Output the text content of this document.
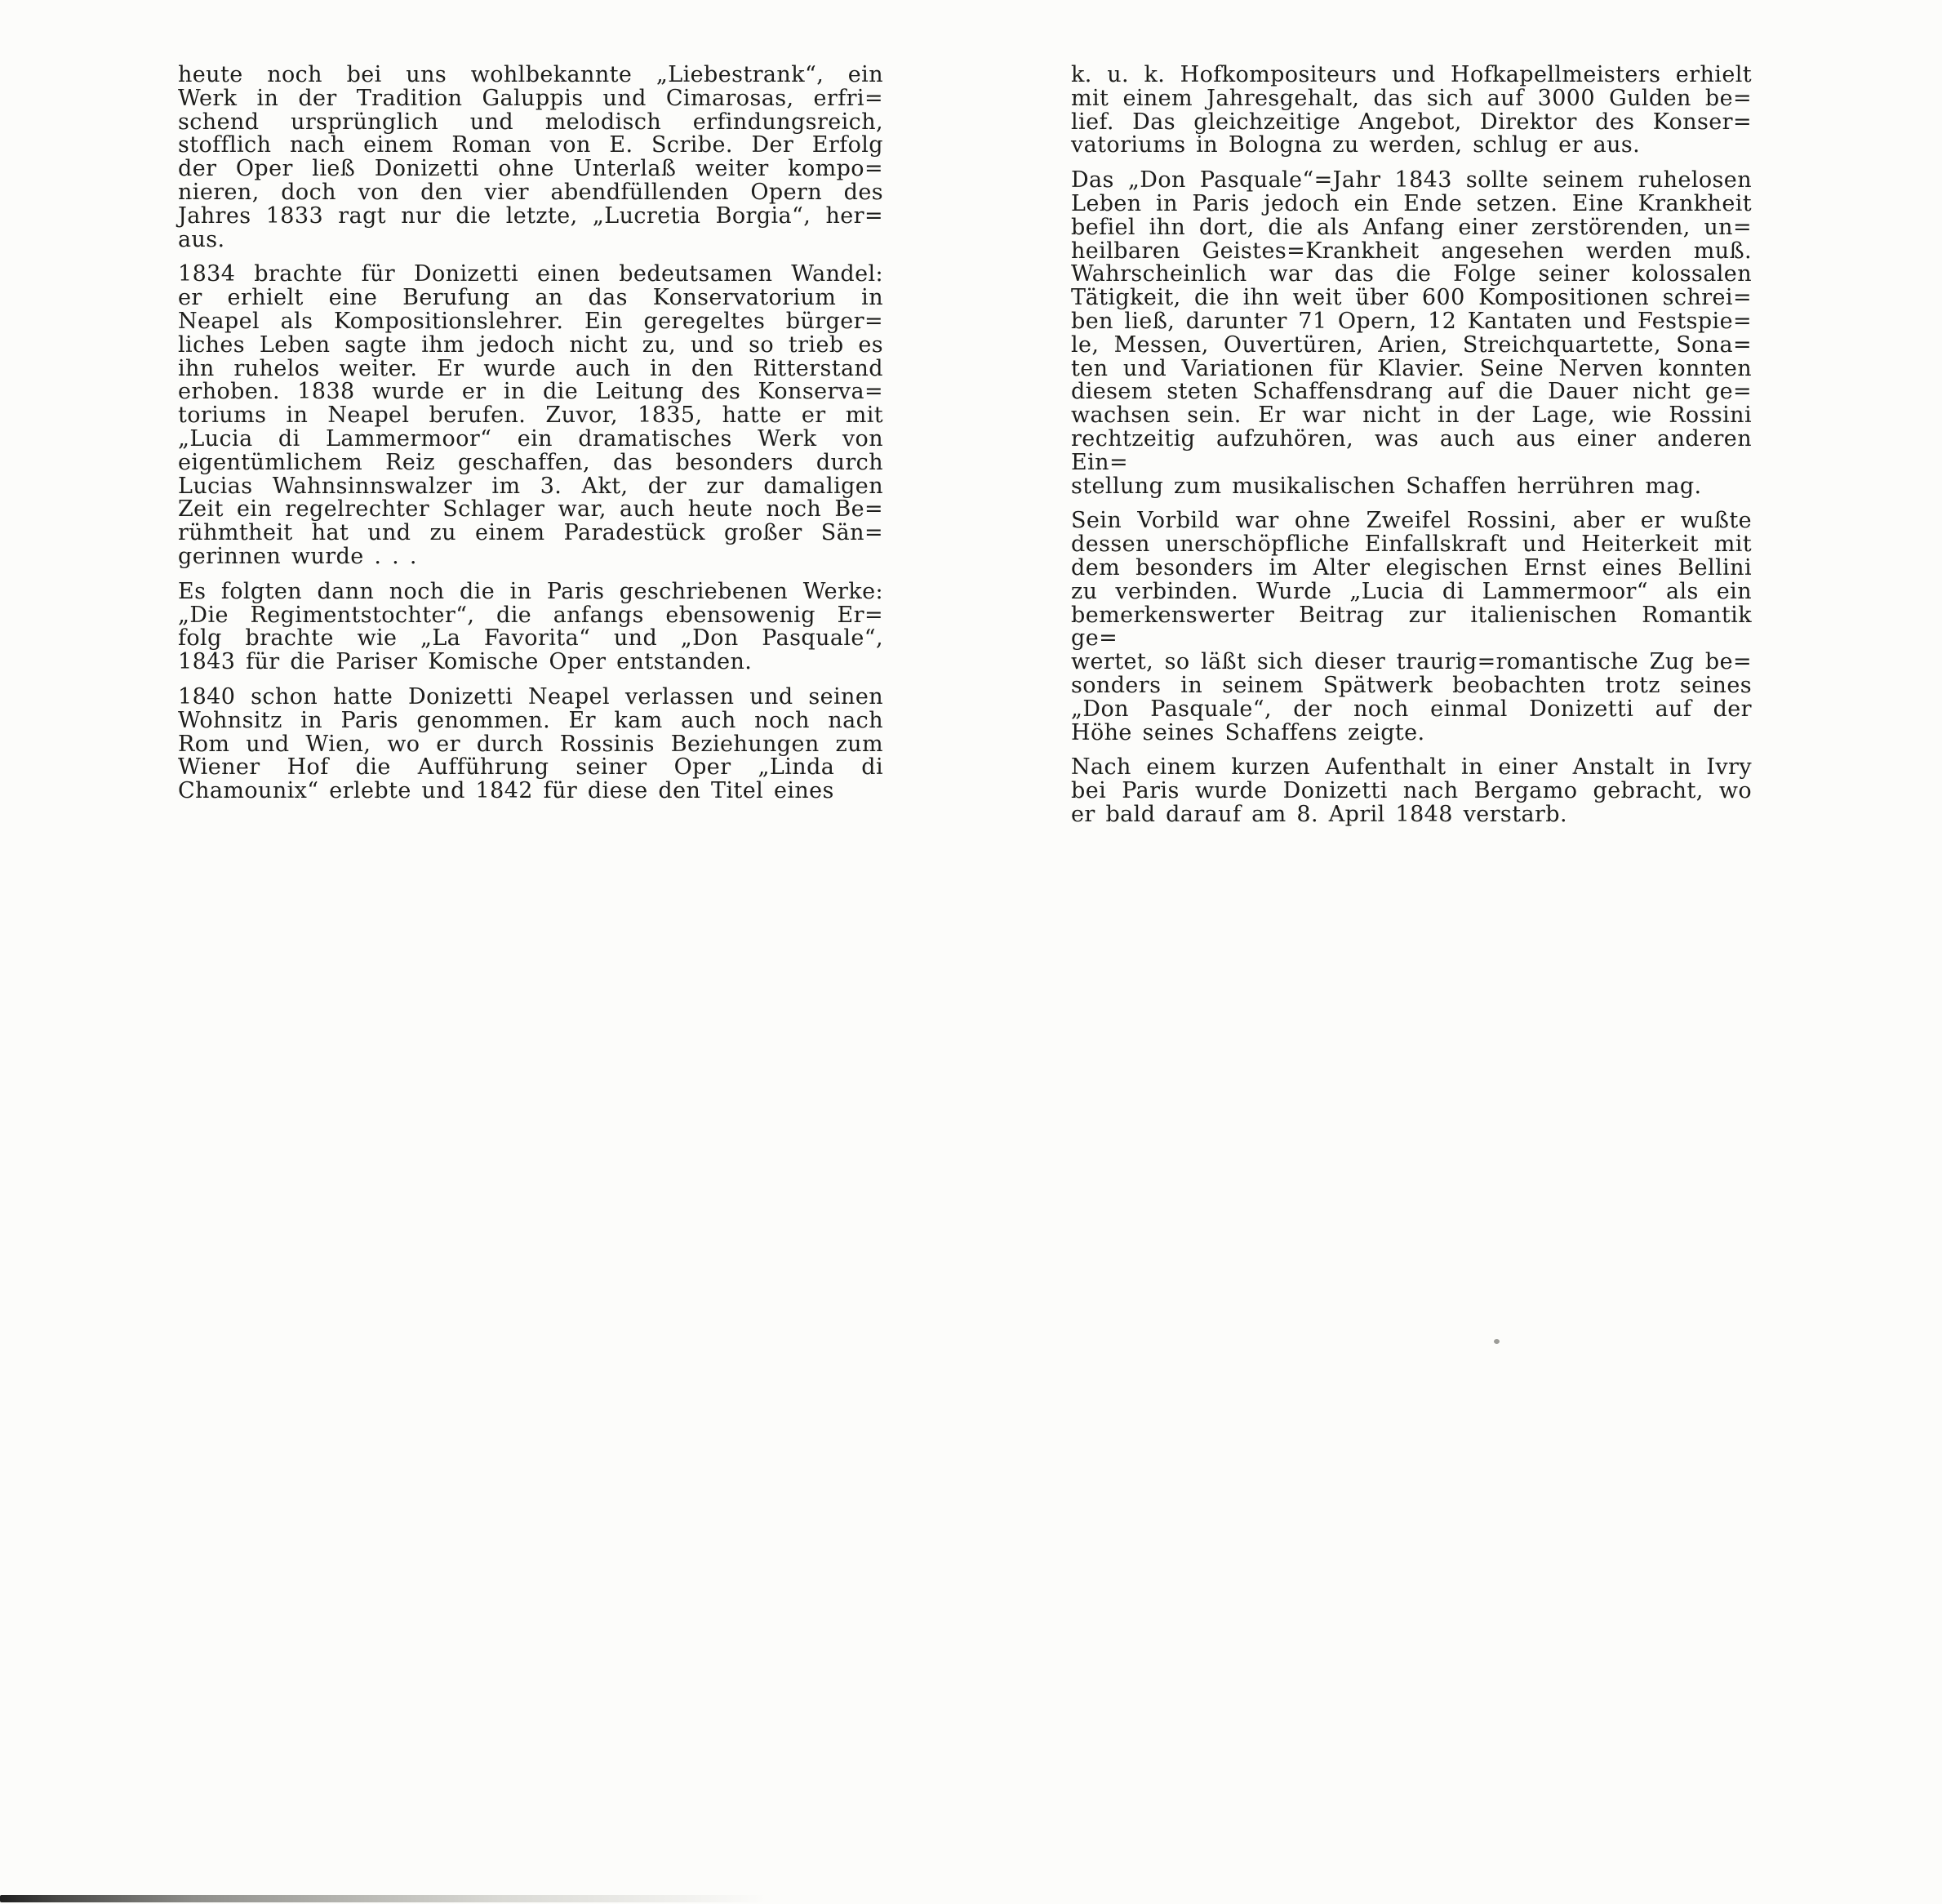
heute noch bei uns wohlbekannte „Liebestrank“, ein
Werk in der Tradition Galuppis und Cimarosas, erfri=
schend ursprünglich und melodisch erfindungsreich,
stofflich nach einem Roman von E. Scribe. Der Erfolg
der Oper ließ Donizetti ohne Unterlaß weiter kompo=
nieren, doch von den vier abendfüllenden Opern des
Jahres 1833 ragt nur die letzte, „Lucretia Borgia“, her=
aus.

1834 brachte für Donizetti einen bedeutsamen Wandel:
er erhielt eine Berufung an das Konservatorium in
Neapel als Kompositionslehrer. Ein geregeltes bürger=
liches Leben sagte ihm jedoch nicht zu, und so trieb es
ihn ruhelos weiter. Er wurde auch in den Ritterstand
erhoben. 1838 wurde er in die Leitung des Konserva=
toriums in Neapel berufen. Zuvor, 1835, hatte er mit
„Lucia di Lammermoor“ ein dramatisches Werk von
eigentümlichem Reiz geschaffen, das besonders durch
Lucias Wahnsinnswalzer im 3. Akt, der zur damaligen
Zeit ein regelrechter Schlager war, auch heute noch Be=
rühmtheit hat und zu einem Paradestück großer Sän=
gerinnen wurde . . .

Es folgten dann noch die in Paris geschriebenen Werke:
„Die Regimentstochter“, die anfangs ebensowenig Er=
folg brachte wie „La Favorita“ und „Don Pasquale“,
1843 für die Pariser Komische Oper entstanden.

1840 schon hatte Donizetti Neapel verlassen und seinen
Wohnsitz in Paris genommen. Er kam auch noch nach
Rom und Wien, wo er durch Rossinis Beziehungen zum
Wiener Hof die Aufführung seiner Oper „Linda di
Chamounix“ erlebte und 1842 für diese den Titel eines

k. u. k. Hofkompositeurs und Hofkapellmeisters erhielt
mit einem Jahresgehalt, das sich auf 3000 Gulden be=
lief. Das gleichzeitige Angebot, Direktor des Konser=
vatoriums in Bologna zu werden, schlug er aus.

Das „Don Pasquale“=Jahr 1843 sollte seinem ruhelosen
Leben in Paris jedoch ein Ende setzen. Eine Krankheit
befiel ihn dort, die als Anfang einer zerstörenden, un=
heilbaren Geistes=Krankheit angesehen werden muß.
Wahrscheinlich war das die Folge seiner kolossalen
Tätigkeit, die ihn weit über 600 Kompositionen schrei=
ben ließ, darunter 71 Opern, 12 Kantaten und Festspie=
le, Messen, Ouvertüren, Arien, Streichquartette, Sona=
ten und Variationen für Klavier. Seine Nerven konnten
diesem steten Schaffensdrang auf die Dauer nicht ge=
wachsen sein. Er war nicht in der Lage, wie Rossini
rechtzeitig aufzuhören, was auch aus einer anderen Ein=
stellung zum musikalischen Schaffen herrühren mag.

Sein Vorbild war ohne Zweifel Rossini, aber er wußte
dessen unerschöpfliche Einfallskraft und Heiterkeit mit
dem besonders im Alter elegischen Ernst eines Bellini
zu verbinden. Wurde „Lucia di Lammermoor“ als ein
bemerkenswerter Beitrag zur italienischen Romantik ge=
wertet, so läßt sich dieser traurig=romantische Zug be=
sonders in seinem Spätwerk beobachten trotz seines
„Don Pasquale“, der noch einmal Donizetti auf der
Höhe seines Schaffens zeigte.

Nach einem kurzen Aufenthalt in einer Anstalt in Ivry
bei Paris wurde Donizetti nach Bergamo gebracht, wo
er bald darauf am 8. April 1848 verstarb.
